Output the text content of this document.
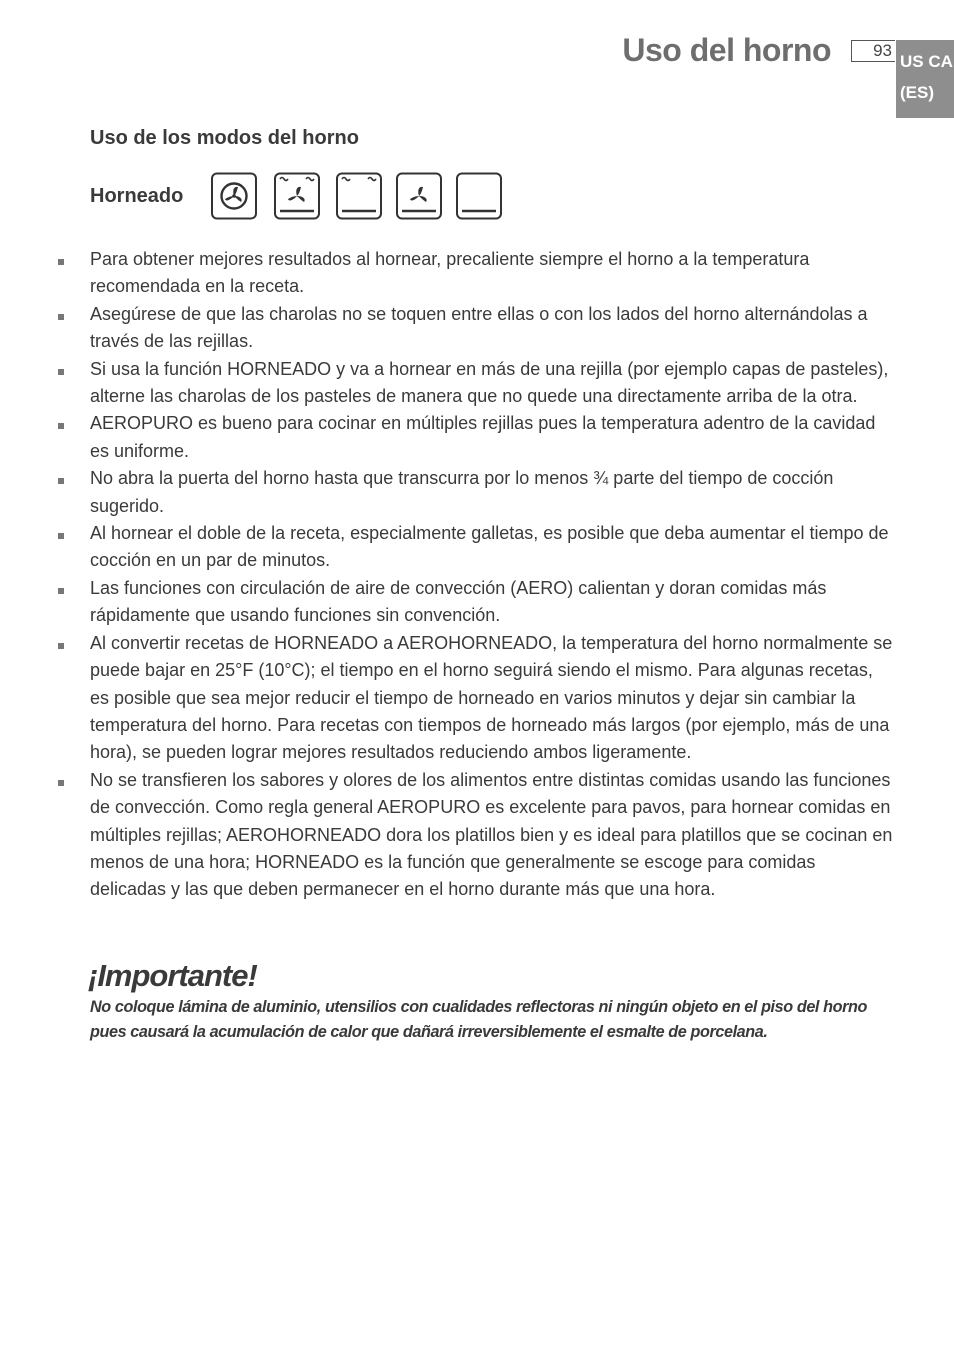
Uso del horno	93
US CA
(ES)
Uso de los modos del horno
Horneado
Para obtener mejores resultados al hornear, precaliente siempre el horno a la temperatura recomendada en la receta.
Asegúrese de que las charolas no se toquen entre ellas o con los lados del horno alternándolas a través de las rejillas.
Si usa la función HORNEADO y va a hornear en más de una rejilla (por ejemplo capas de pasteles), alterne las charolas de los pasteles de manera que no quede una directamente arriba de la otra.
AEROPURO es bueno para cocinar en múltiples rejillas pues la temperatura adentro de la cavidad es uniforme.
No abra la puerta del horno hasta que transcurra por lo menos ¾ parte del tiempo de cocción sugerido.
Al hornear el doble de la receta, especialmente galletas, es posible que deba aumentar el tiempo de cocción en un par de minutos.
Las funciones con circulación de aire de convección (AERO) calientan y doran comidas más rápidamente que usando funciones sin convención.
Al convertir recetas de HORNEADO a AEROHORNEADO, la temperatura del horno normalmente se puede bajar en 25°F (10°C); el tiempo en el horno seguirá siendo el mismo. Para algunas recetas, es posible que sea mejor reducir el tiempo de horneado en varios minutos y dejar sin cambiar la temperatura del horno. Para recetas con tiempos de horneado más largos (por ejemplo, más de una hora), se pueden lograr mejores resultados reduciendo ambos ligeramente.
No se transfieren los sabores y olores de los alimentos entre distintas comidas usando las funciones de convección. Como regla general AEROPURO es excelente para pavos, para hornear comidas en múltiples rejillas; AEROHORNEADO dora los platillos bien y es ideal para platillos que se cocinan en menos de una hora; HORNEADO es la función que generalmente se escoge para comidas delicadas y las que deben permanecer en el horno durante más que una hora.
¡Importante!
No coloque lámina de aluminio, utensilios con cualidades reflectoras ni ningún objeto en el piso del horno pues causará la acumulación de calor que dañará irreversiblemente el esmalte de porcelana.
